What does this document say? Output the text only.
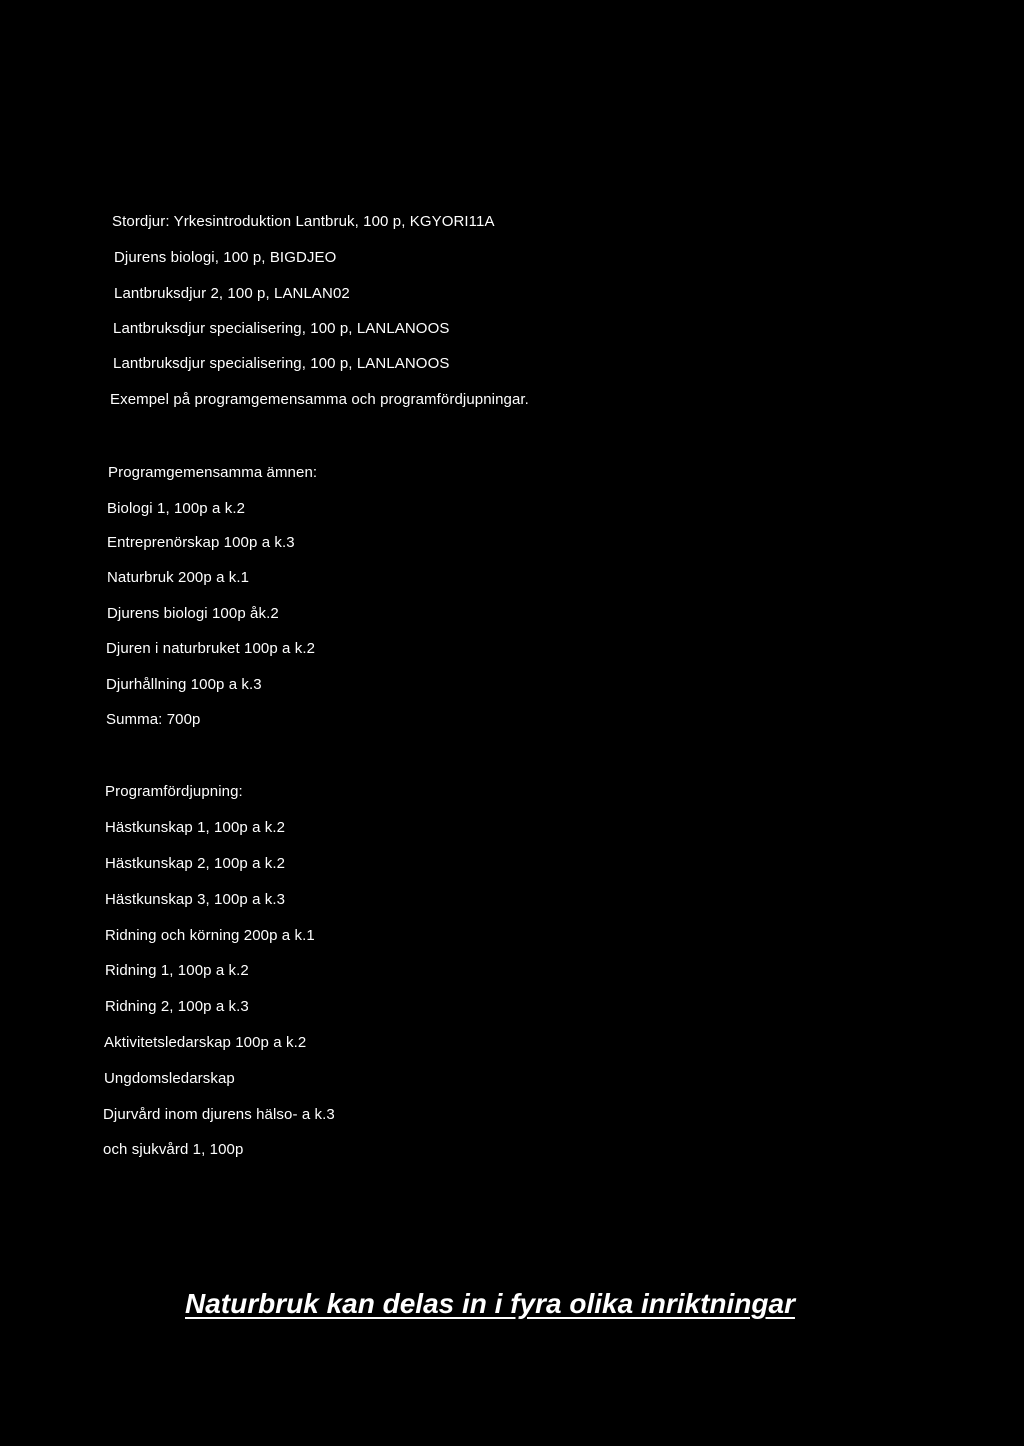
Stordjur: Yrkesintroduktion Lantbruk, 100 p, KGYORI11A
Djurens biologi, 100 p, BIGDJEO
Lantbruksdjur 2, 100 p, LANLAN02
Lantbruksdjur specialisering, 100 p, LANLANOOS
Lantbruksdjur specialisering, 100 p, LANLANOOS
Exempel på programgemensamma och programfördjupningar.
Programgemensamma ämnen:
Biologi 1, 100p a k.2
Entreprenörskap 100p a k.3
Naturbruk 200p a k.1
Djurens biologi 100p åk.2
Djuren i naturbruket 100p a k.2
Djurhållning 100p a k.3
Summa: 700p
Programfördjupning:
Hästkunskap 1, 100p a k.2
Hästkunskap 2, 100p a k.2
Hästkunskap 3, 100p a k.3
Ridning och körning 200p a k.1
Ridning 1, 100p a k.2
Ridning 2, 100p a k.3
Aktivitetsledarskap 100p a k.2
Ungdomsledarskap
Djurvård inom djurens hälso- a k.3
och sjukvård 1, 100p
Naturbruk kan delas in i fyra olika inriktningar
